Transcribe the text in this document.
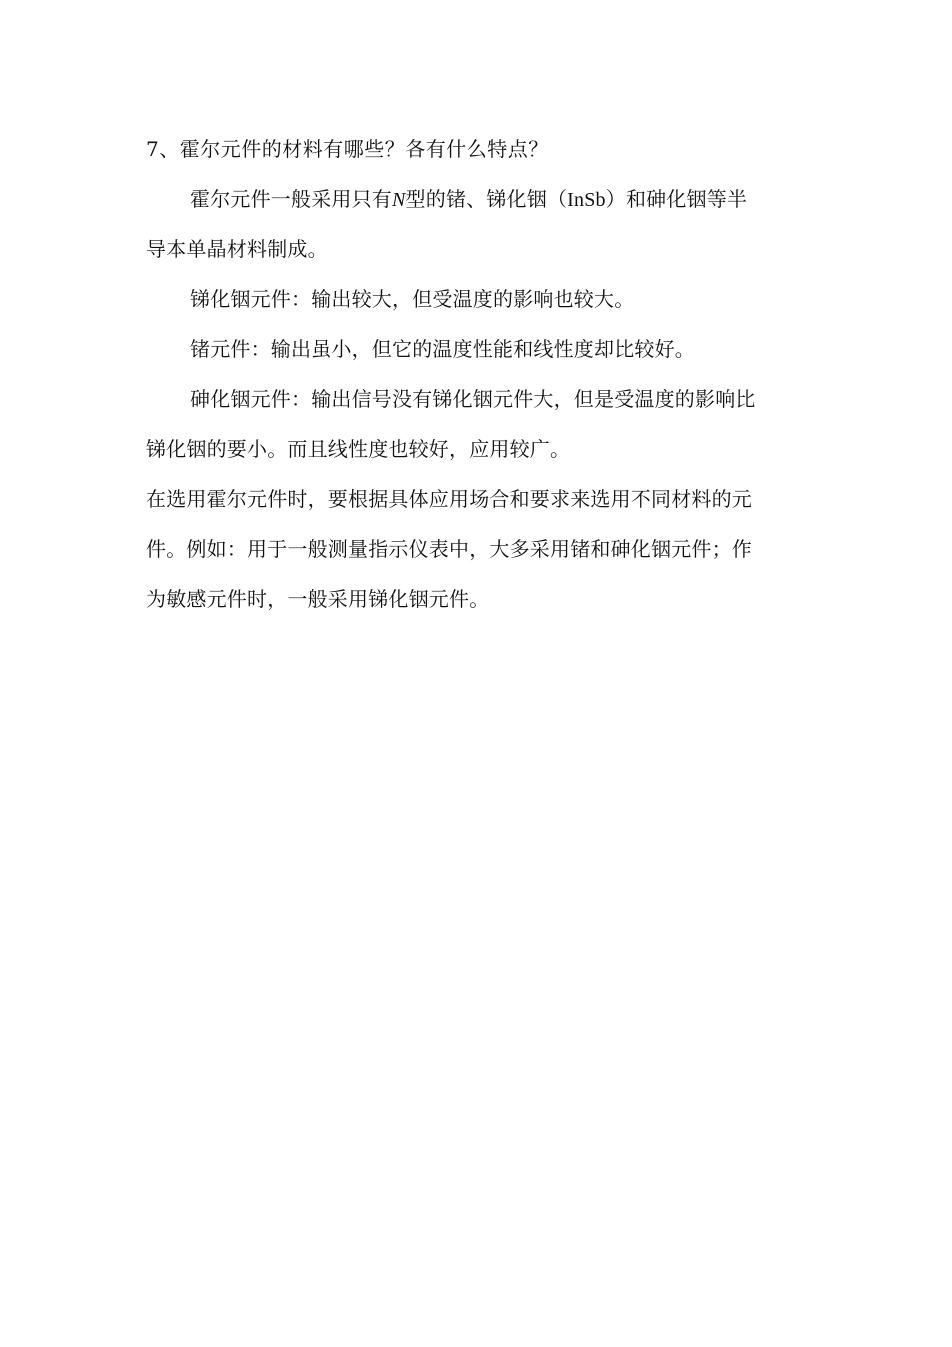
7、霍尔元件的材料有哪些？各有什么特点？
霍尔元件一般采用只有N型的锗、锑化铟（InSb）和砷化铟等半
导本单晶材料制成。
锑化铟元件：输出较大，但受温度的影响也较大。
锗元件：输出虽小，但它的温度性能和线性度却比较好。
砷化铟元件：输出信号没有锑化铟元件大，但是受温度的影响比
锑化铟的要小。而且线性度也较好，应用较广。
在选用霍尔元件时，要根据具体应用场合和要求来选用不同材料的元
件。例如：用于一般测量指示仪表中，大多采用锗和砷化铟元件；作
为敏感元件时，一般采用锑化铟元件。
